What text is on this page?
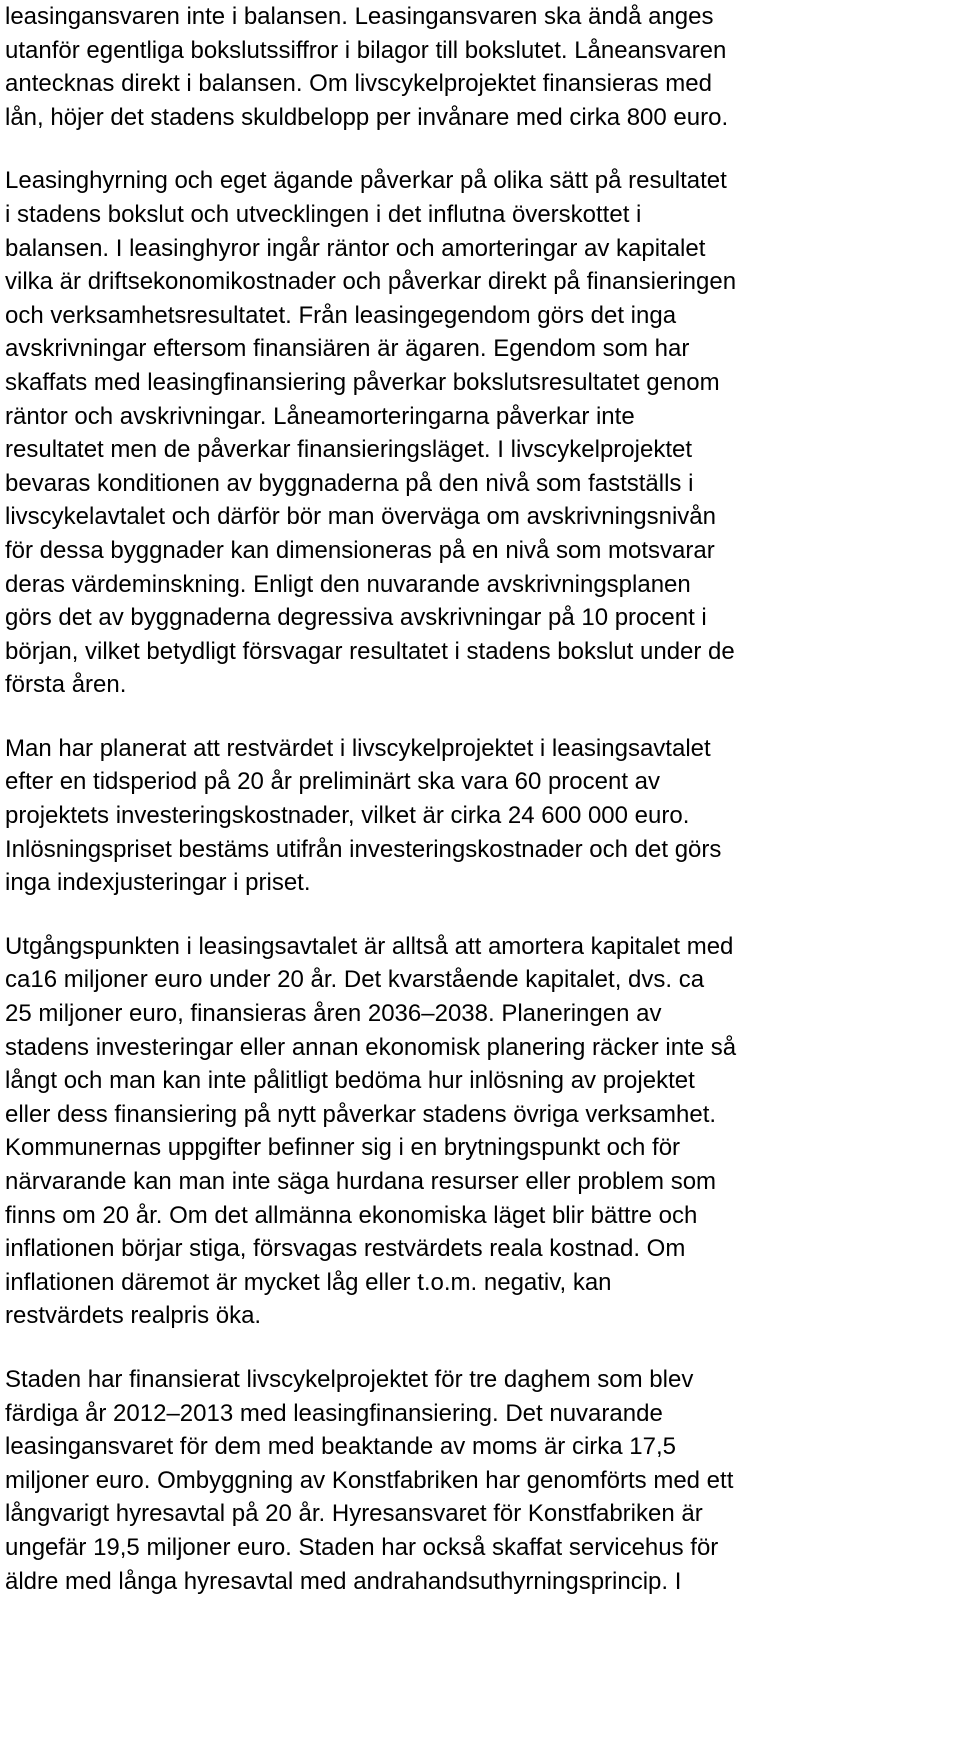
leasingansvaren inte i balansen. Leasingansvaren ska ändå anges
utanför egentliga bokslutssiffror i bilagor till bokslutet. Låneansvaren
antecknas direkt i balansen. Om livscykelprojektet finansieras med
lån, höjer det stadens skuldbelopp per invånare med cirka 800 euro.
Leasinghyrning och eget ägande påverkar på olika sätt på resultatet
i stadens bokslut och utvecklingen i det influtna överskottet i
balansen. I leasinghyror ingår räntor och amorteringar av kapitalet
vilka är driftsekonomikostnader och påverkar direkt på finansieringen
och verksamhetsresultatet. Från leasingegendom görs det inga
avskrivningar eftersom finansiären är ägaren. Egendom som har
skaffats med leasingfinansiering påverkar bokslutsresultatet genom
räntor och avskrivningar. Låneamorteringarna påverkar inte
resultatet men de påverkar finansieringsläget. I livscykelprojektet
bevaras konditionen av byggnaderna på den nivå som fastställs i
livscykelavtalet och därför bör man överväga om avskrivningsnivån
för dessa byggnader kan dimensioneras på en nivå som motsvarar
deras värdeminskning. Enligt den nuvarande avskrivningsplanen
görs det av byggnaderna degressiva avskrivningar på 10 procent i
början, vilket betydligt försvagar resultatet i stadens bokslut under de
första åren.
Man har planerat att restvärdet i livscykelprojektet i leasingsavtalet
efter en tidsperiod på 20 år preliminärt ska vara 60 procent av
projektets investeringskostnader, vilket är cirka 24 600 000 euro.
Inlösningspriset bestäms utifrån investeringskostnader och det görs
inga indexjusteringar i priset.
Utgångspunkten i leasingsavtalet är alltså att amortera kapitalet med
ca16 miljoner euro under 20 år. Det kvarstående kapitalet, dvs. ca
25 miljoner euro, finansieras åren 2036–2038. Planeringen av
stadens investeringar eller annan ekonomisk planering räcker inte så
långt och man kan inte pålitligt bedöma hur inlösning av projektet
eller dess finansiering på nytt påverkar stadens övriga verksamhet.
Kommunernas uppgifter befinner sig i en brytningspunkt och för
närvarande kan man inte säga hurdana resurser eller problem som
finns om 20 år. Om det allmänna ekonomiska läget blir bättre och
inflationen börjar stiga, försvagas restvärdets reala kostnad. Om
inflationen däremot är mycket låg eller t.o.m. negativ, kan
restvärdets realpris öka.
Staden har finansierat livscykelprojektet för tre daghem som blev
färdiga år 2012–2013 med leasingfinansiering. Det nuvarande
leasingansvaret för dem med beaktande av moms är cirka 17,5
miljoner euro. Ombyggning av Konstfabriken har genomförts med ett
långvarigt hyresavtal på 20 år. Hyresansvaret för Konstfabriken är
ungefär 19,5 miljoner euro. Staden har också skaffat servicehus för
äldre med långa hyresavtal med andrahandsuthyrningsprincip. I
